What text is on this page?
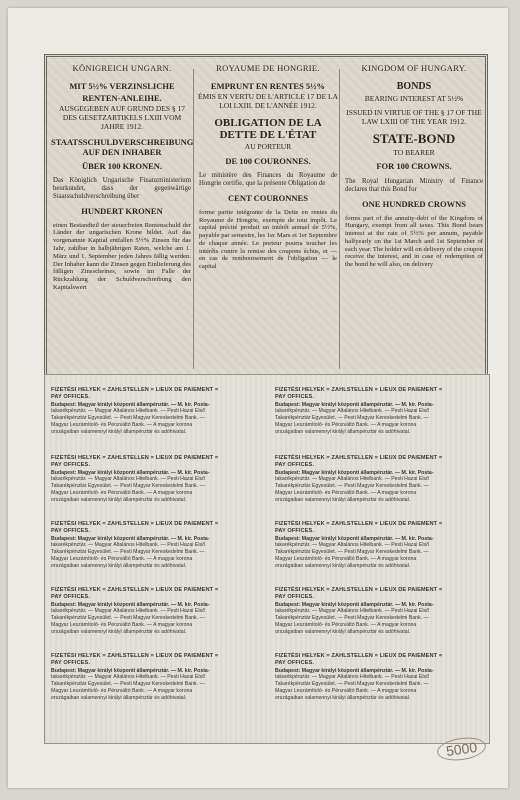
KÖNIGREICH UNGARN.
MIT 5½% VERZINSLICHE
RENTEN-ANLEIHE.
AUSGEGEBEN AUF GRUND DES § 17 DES GESETZARTIKELS LXIII VOM JAHRE 1912.
STAATSSCHULDVERSCHREIBUNG AUF DEN INHABER
ÜBER 100 KRONEN.
Das Königlich Ungarische Finanzministerium beurkundet, dass der gegenwärtige Staatsschuldverschreibung über
HUNDERT KRONEN
einen Bestandteil der steuerfreien Rentenschuld der Länder der ungarischen Krone bildet. Auf das vorgenannte Kapital entfallen 5½% Zinsen für das Jahr, zahlbar in halbjährigen Raten, welche am 1. März und 1. September jeden Jahres fällig werden. Der Inhaber kann die Zinsen gegen Einlieferung des fälligen Zinsscheines, sowie im Falle der Rückzahlung der Schuldverschreibung den Kapitalswert
ROYAUME DE HONGRIE.
EMPRUNT EN RENTES 5½%
ÉMIS EN VERTU DE L'ARTICLE 17 DE LA LOI LXIII. DE L'ANNÉE 1912.
OBLIGATION DE LA DETTE DE L'ÉTAT
AU PORTEUR
DE 100 COURONNES.
Le ministère des Finances du Royaume de Hongrie certifie, que la présente Obligation de
CENT COURONNES
forme partie intégrante de la Dette en rentes du Royaume de Hongrie, exempte de tout impôt. Le capital précité produit un intérêt annuel de 5½%, payable par semestre, les 1er Mars et 1er Septembre de chaque année. Le porteur pourra toucher les intérêts contre la remise des coupons échus, et — en cas de remboursement de l'obligation — le capital
KINGDOM OF HUNGARY.
BONDS
BEARING INTEREST AT 5½%
ISSUED IN VIRTUE OF THE § 17 OF THE LAW LXIII OF THE YEAR 1912.
STATE-BOND
TO BEARER
FOR 100 CROWNS.
The Royal Hungarian Ministry of Finance declares that this Bond for
ONE HUNDRED CROWNS
forms part of the annuity-debt of the Kingdom of Hungary, exempt from all taxes. This Bond bears interest at the rate of 5½% per annum, payable halfyearly on the 1st March and 1st September of each year. The holder will on delivery of the coupon receive the interest, and in case of redemption of the bond he will also, on delivery
FIZETÉSI HELYEK = ZAHLSTELLEN = LIEUX DE PAIEMENT = PAY OFFICES.
Budapest: Magyar királyi központi állampénztár. — M. kir. Posta-
takarékpénztár. — Magyar Általános Hitelbank. — Pesti Hazai Első
Takarékpénztár Egyesület. — Pesti Magyar Kereskedelmi Bank. —
Magyar Leszámítoló- és Pénzváltó Bank. — A magyar korona
országaiban valamennyi királyi állampénztár és adóhivatal.
FIZETÉSI HELYEK = ZAHLSTELLEN = LIEUX DE PAIEMENT = PAY OFFICES.
Budapest: Magyar királyi központi állampénztár. — M. kir. Posta-
takarékpénztár. — Magyar Általános Hitelbank. — Pesti Hazai Első
Takarékpénztár Egyesület. — Pesti Magyar Kereskedelmi Bank. —
Magyar Leszámítoló- és Pénzváltó Bank. — A magyar korona
országaiban valamennyi királyi állampénztár és adóhivatal.
FIZETÉSI HELYEK = ZAHLSTELLEN = LIEUX DE PAIEMENT = PAY OFFICES.
Budapest: Magyar királyi központi állampénztár. — M. kir. Posta-
takarékpénztár. — Magyar Általános Hitelbank. — Pesti Hazai Első
Takarékpénztár Egyesület. — Pesti Magyar Kereskedelmi Bank. —
Magyar Leszámítoló- és Pénzváltó Bank. — A magyar korona
országaiban valamennyi királyi állampénztár és adóhivatal.
FIZETÉSI HELYEK = ZAHLSTELLEN = LIEUX DE PAIEMENT = PAY OFFICES.
Budapest: Magyar királyi központi állampénztár. — M. kir. Posta-
takarékpénztár. — Magyar Általános Hitelbank. — Pesti Hazai Első
Takarékpénztár Egyesület. — Pesti Magyar Kereskedelmi Bank. —
Magyar Leszámítoló- és Pénzváltó Bank. — A magyar korona
országaiban valamennyi királyi állampénztár és adóhivatal.
FIZETÉSI HELYEK = ZAHLSTELLEN = LIEUX DE PAIEMENT = PAY OFFICES.
Budapest: Magyar királyi központi állampénztár. — M. kir. Posta-
takarékpénztár. — Magyar Általános Hitelbank. — Pesti Hazai Első
Takarékpénztár Egyesület. — Pesti Magyar Kereskedelmi Bank. —
Magyar Leszámítoló- és Pénzváltó Bank. — A magyar korona
országaiban valamennyi királyi állampénztár és adóhivatal.
FIZETÉSI HELYEK = ZAHLSTELLEN = LIEUX DE PAIEMENT = PAY OFFICES.
Budapest: Magyar királyi központi állampénztár. — M. kir. Posta-
takarékpénztár. — Magyar Általános Hitelbank. — Pesti Hazai Első
Takarékpénztár Egyesület. — Pesti Magyar Kereskedelmi Bank. —
Magyar Leszámítoló- és Pénzváltó Bank. — A magyar korona
országaiban valamennyi királyi állampénztár és adóhivatal.
FIZETÉSI HELYEK = ZAHLSTELLEN = LIEUX DE PAIEMENT = PAY OFFICES.
Budapest: Magyar királyi központi állampénztár. — M. kir. Posta-
takarékpénztár. — Magyar Általános Hitelbank. — Pesti Hazai Első
Takarékpénztár Egyesület. — Pesti Magyar Kereskedelmi Bank. —
Magyar Leszámítoló- és Pénzváltó Bank. — A magyar korona
országaiban valamennyi királyi állampénztár és adóhivatal.
FIZETÉSI HELYEK = ZAHLSTELLEN = LIEUX DE PAIEMENT = PAY OFFICES.
Budapest: Magyar királyi központi állampénztár. — M. kir. Posta-
takarékpénztár. — Magyar Általános Hitelbank. — Pesti Hazai Első
Takarékpénztár Egyesület. — Pesti Magyar Kereskedelmi Bank. —
Magyar Leszámítoló- és Pénzváltó Bank. — A magyar korona
országaiban valamennyi királyi állampénztár és adóhivatal.
FIZETÉSI HELYEK = ZAHLSTELLEN = LIEUX DE PAIEMENT = PAY OFFICES.
Budapest: Magyar királyi központi állampénztár. — M. kir. Posta-
takarékpénztár. — Magyar Általános Hitelbank. — Pesti Hazai Első
Takarékpénztár Egyesület. — Pesti Magyar Kereskedelmi Bank. —
Magyar Leszámítoló- és Pénzváltó Bank. — A magyar korona
országaiban valamennyi királyi állampénztár és adóhivatal.
FIZETÉSI HELYEK = ZAHLSTELLEN = LIEUX DE PAIEMENT = PAY OFFICES.
Budapest: Magyar királyi központi állampénztár. — M. kir. Posta-
takarékpénztár. — Magyar Általános Hitelbank. — Pesti Hazai Első
Takarékpénztár Egyesület. — Pesti Magyar Kereskedelmi Bank. —
Magyar Leszámítoló- és Pénzváltó Bank. — A magyar korona
országaiban valamennyi királyi állampénztár és adóhivatal.
5000
